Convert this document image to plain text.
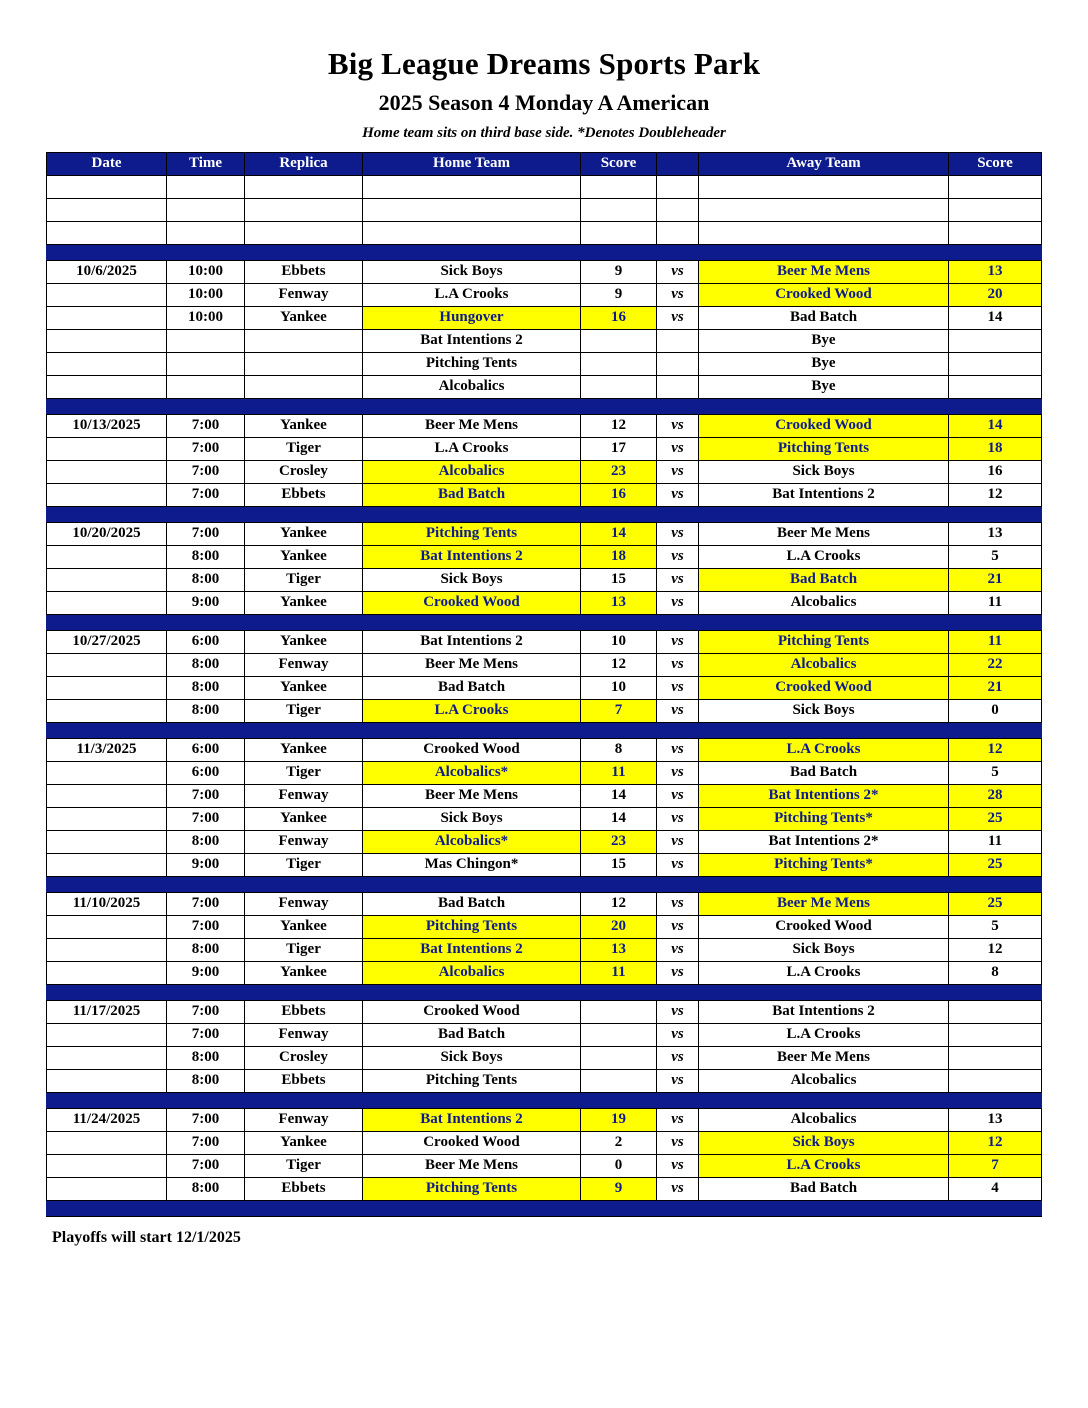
Big League Dreams Sports Park
2025 Season 4 Monday A American
Home team sits on third base side. *Denotes Doubleheader
Date	Time	Replica	Home Team	Score		Away Team	Score

10/6/2025	10:00	Ebbets	Sick Boys	9	vs	Beer Me Mens	13
	10:00	Fenway	L.A Crooks	9	vs	Crooked Wood	20
	10:00	Yankee	Hungover	16	vs	Bad Batch	14
			Bat Intentions 2			Bye	
			Pitching Tents			Bye	
			Alcobalics			Bye	

10/13/2025	7:00	Yankee	Beer Me Mens	12	vs	Crooked Wood	14
	7:00	Tiger	L.A Crooks	17	vs	Pitching Tents	18
	7:00	Crosley	Alcobalics	23	vs	Sick Boys	16
	7:00	Ebbets	Bad Batch	16	vs	Bat Intentions 2	12

10/20/2025	7:00	Yankee	Pitching Tents	14	vs	Beer Me Mens	13
	8:00	Yankee	Bat Intentions 2	18	vs	L.A Crooks	5
	8:00	Tiger	Sick Boys	15	vs	Bad Batch	21
	9:00	Yankee	Crooked Wood	13	vs	Alcobalics	11

10/27/2025	6:00	Yankee	Bat Intentions 2	10	vs	Pitching Tents	11
	8:00	Fenway	Beer Me Mens	12	vs	Alcobalics	22
	8:00	Yankee	Bad Batch	10	vs	Crooked Wood	21
	8:00	Tiger	L.A Crooks	7	vs	Sick Boys	0

11/3/2025	6:00	Yankee	Crooked Wood	8	vs	L.A Crooks	12
	6:00	Tiger	Alcobalics*	11	vs	Bad Batch	5
	7:00	Fenway	Beer Me Mens	14	vs	Bat Intentions 2*	28
	7:00	Yankee	Sick Boys	14	vs	Pitching Tents*	25
	8:00	Fenway	Alcobalics*	23	vs	Bat Intentions 2*	11
	9:00	Tiger	Mas Chingon*	15	vs	Pitching Tents*	25

11/10/2025	7:00	Fenway	Bad Batch	12	vs	Beer Me Mens	25
	7:00	Yankee	Pitching Tents	20	vs	Crooked Wood	5
	8:00	Tiger	Bat Intentions 2	13	vs	Sick Boys	12
	9:00	Yankee	Alcobalics	11	vs	L.A Crooks	8

11/17/2025	7:00	Ebbets	Crooked Wood		vs	Bat Intentions 2	
	7:00	Fenway	Bad Batch		vs	L.A Crooks	
	8:00	Crosley	Sick Boys		vs	Beer Me Mens	
	8:00	Ebbets	Pitching Tents		vs	Alcobalics	

11/24/2025	7:00	Fenway	Bat Intentions 2	19	vs	Alcobalics	13
	7:00	Yankee	Crooked Wood	2	vs	Sick Boys	12
	7:00	Tiger	Beer Me Mens	0	vs	L.A Crooks	7
	8:00	Ebbets	Pitching Tents	9	vs	Bad Batch	4

Playoffs will start 12/1/2025
